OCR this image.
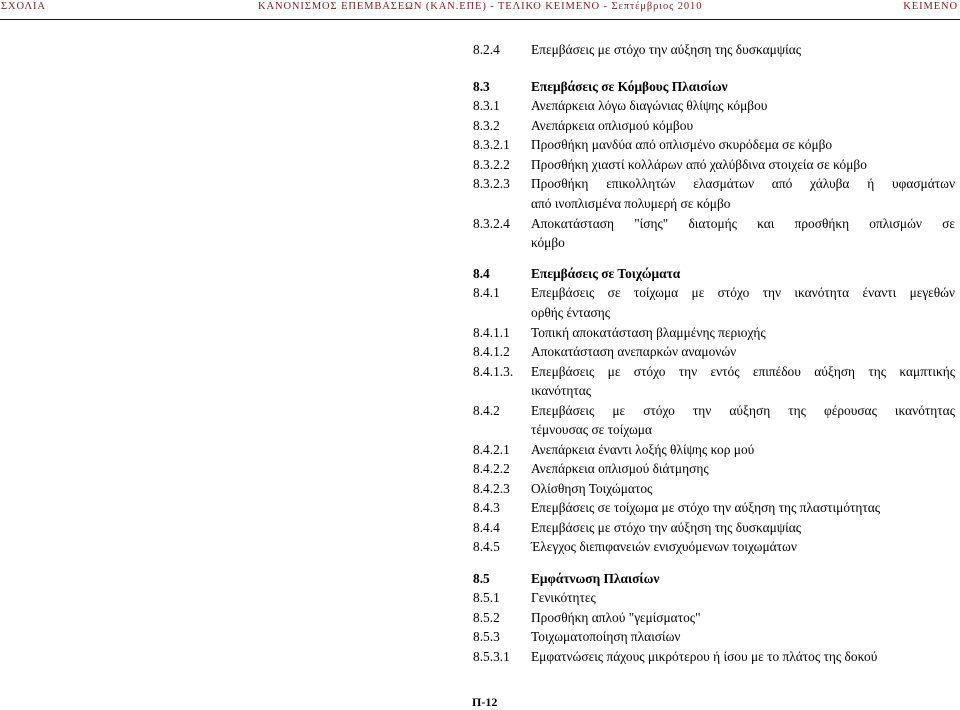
ΣΧΟΛΙΑ	ΚΑΝΟΝΙΣΜΟΣ ΕΠΕΜΒΑΣΕΩΝ (ΚΑΝ.ΕΠΕ) - ΤΕΛΙΚΟ ΚΕΙΜΕΝΟ - Σεπτέμβριος 2010	ΚΕΙΜΕΝΟ
8.2.4 Επεμβάσεις με στόχο την αύξηση της δυσκαμψίας
8.3	Επεμβάσεις σε Κόμβους Πλαισίων
8.3.1 Ανεπάρκεια λόγω διαγώνιας θλίψης κόμβου
8.3.2 Ανεπάρκεια οπλισμού κόμβου
8.3.2.1 Προσθήκη μανδύα από οπλισμένο σκυρόδεμα σε κόμβο
8.3.2.2 Προσθήκη χιαστί κολλάρων από χαλύβδινα στοιχεία σε κόμβο
8.3.2.3 Προσθήκη επικολλητών ελασμάτων από χάλυβα ή υφασμάτων
από ινοπλισμένα πολυμερή σε κόμβο
8.3.2.4 Αποκατάσταση "ίσης" διατομής και προσθήκη οπλισμών σε
κόμβο
8.4	Επεμβάσεις σε Τοιχώματα
8.4.1 Επεμβάσεις σε τοίχωμα με στόχο την ικανότητα έναντι μεγεθών
ορθής έντασης
8.4.1.1 Τοπική αποκατάσταση βλαμμένης περιοχής
8.4.1.2 Αποκατάσταση ανεπαρκών αναμονών
8.4.1.3. Επεμβάσεις με στόχο την εντός επιπέδου αύξηση της καμπτικής
ικανότητας
8.4.2 Επεμβάσεις με στόχο την αύξηση της φέρουσας ικανότητας
τέμνουσας σε τοίχωμα
8.4.2.1 Ανεπάρκεια έναντι λοξής θλίψης κορ μού
8.4.2.2 Ανεπάρκεια οπλισμού διάτμησης
8.4.2.3 Ολίσθηση Τοιχώματος
8.4.3 Επεμβάσεις σε τοίχωμα με στόχο την αύξηση της πλαστιμότητας
8.4.4 Επεμβάσεις με στόχο την αύξηση της δυσκαμψίας
8.4.5 Έλεγχος διεπιφανειών ενισχυόμενων τοιχωμάτων
8.5	Εμφάτνωση Πλαισίων
8.5.1 Γενικότητες
8.5.2 Προσθήκη απλού "γεμίσματος"
8.5.3 Τοιχωματοποίηση πλαισίων
8.5.3.1 Εμφατνώσεις πάχους μικρότερου ή ίσου με το πλάτος της δοκού
Π-12
